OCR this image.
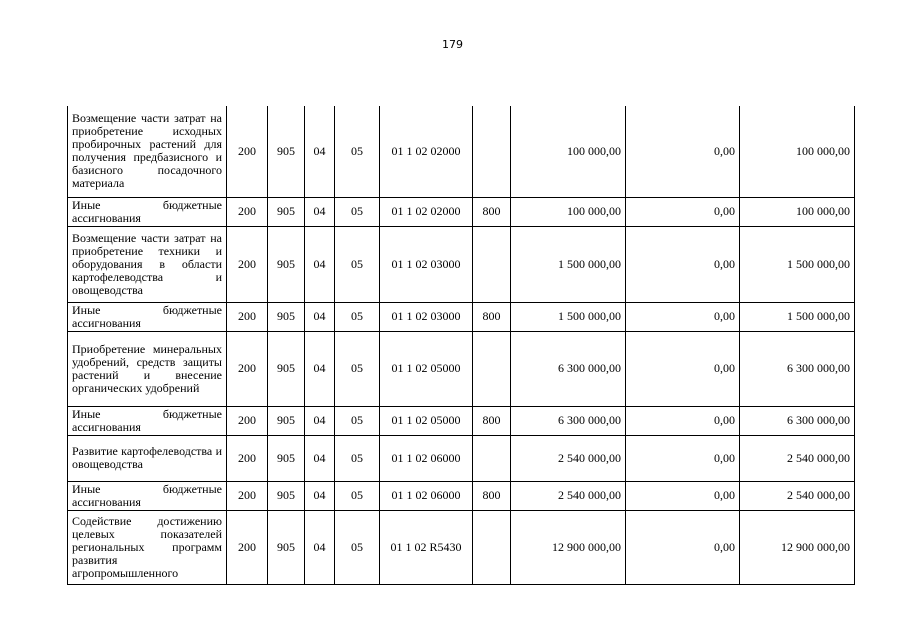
179
Возмещение части затрат на приобретение исходных пробирочных растений для получения предбазисного и базисного посадочного материала	200	905	04	05	01 1 02 02000		100 000,00	0,00	100 000,00
Иные бюджетные ассигнования	200	905	04	05	01 1 02 02000	800	100 000,00	0,00	100 000,00
Возмещение части затрат на приобретение техники и оборудования в области картофелеводства и овощеводства	200	905	04	05	01 1 02 03000		1 500 000,00	0,00	1 500 000,00
Иные бюджетные ассигнования	200	905	04	05	01 1 02 03000	800	1 500 000,00	0,00	1 500 000,00
Приобретение минеральных удобрений, средств защиты растений и внесение органических удобрений	200	905	04	05	01 1 02 05000		6 300 000,00	0,00	6 300 000,00
Иные бюджетные ассигнования	200	905	04	05	01 1 02 05000	800	6 300 000,00	0,00	6 300 000,00
Развитие картофелеводства и овощеводства	200	905	04	05	01 1 02 06000		2 540 000,00	0,00	2 540 000,00
Иные бюджетные ассигнования	200	905	04	05	01 1 02 06000	800	2 540 000,00	0,00	2 540 000,00
Содействие достижению целевых показателей региональных программ развития агропромышленного	200	905	04	05	01 1 02 R5430		12 900 000,00	0,00	12 900 000,00
